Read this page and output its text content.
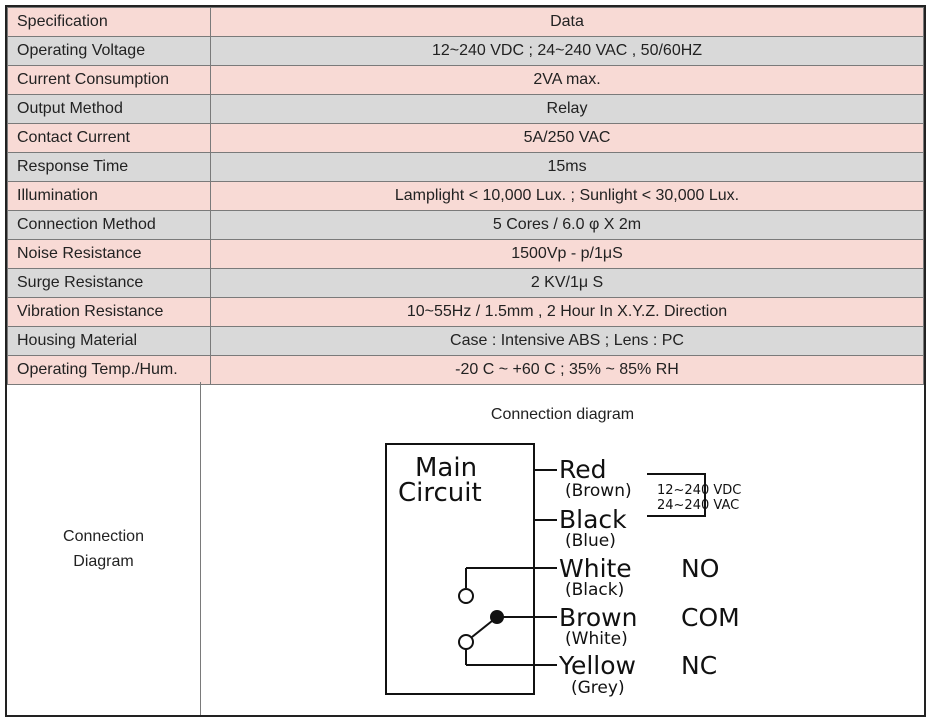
Specification	Data
Operating Voltage	12~240 VDC ; 24~240 VAC , 50/60HZ
Current Consumption	2VA max.
Output Method	Relay
Contact Current	5A/250 VAC
Response Time	15ms
Illumination	Lamplight < 10,000 Lux. ; Sunlight < 30,000 Lux.
Connection Method	5 Cores / 6.0 φ X 2m
Noise Resistance	1500Vp - p/1μS
Surge Resistance	2 KV/1μ S
Vibration Resistance	10~55Hz / 1.5mm , 2 Hour In X.Y.Z. Direction
Housing Material	Case : Intensive ABS ; Lens : PC
Operating Temp./Hum.	-20 C ~ +60 C ; 35% ~ 85% RH
Connection
Diagram
Connection diagram
Main
Circuit	12~240 VDC
24~240 VAC
Red
(Brown)
Black
(Blue)
White
(Black)
NO
Brown
(White)
COM
Yellow
(Grey)
NC
